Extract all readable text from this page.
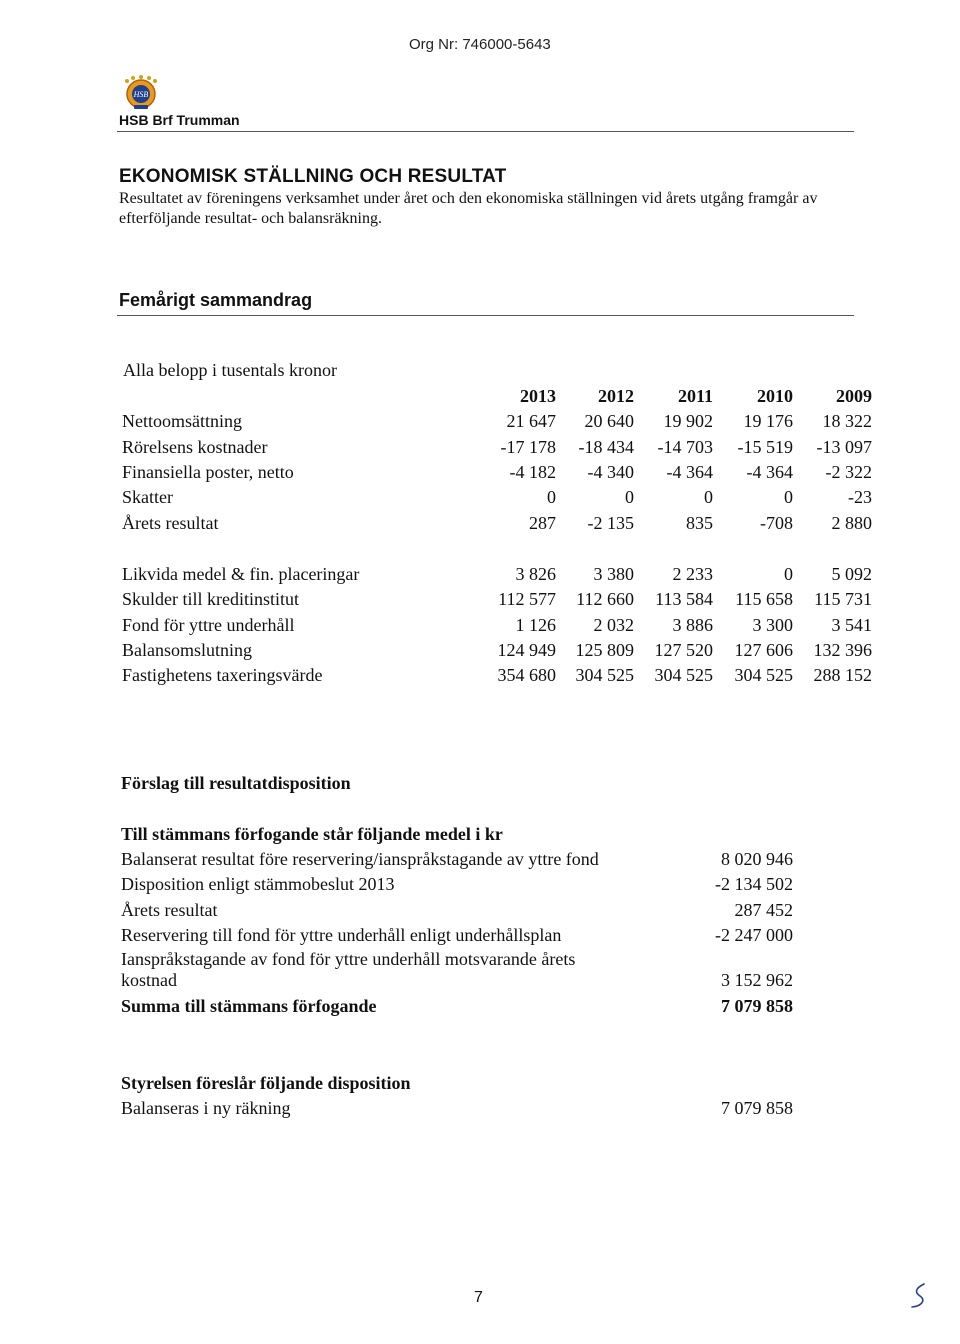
Org Nr: 746000-5643
HSB
HSB Brf Trumman
EKONOMISK STÄLLNING OCH RESULTAT
Resultatet av föreningens verksamhet under året och den ekonomiska ställningen vid årets utgång framgår av efterföljande resultat- och balansräkning.
Femårigt sammandrag
Alla belopp i tusentals kronor
2013	2012	2011	2010	2009
Nettoomsättning	21 647	20 640	19 902	19 176	18 322
Rörelsens kostnader	-17 178	-18 434	-14 703	-15 519	-13 097
Finansiella poster, netto	-4 182	-4 340	-4 364	-4 364	-2 322
Skatter	0	0	0	0	-23
Årets resultat	287	-2 135	835	-708	2 880
Likvida medel & fin. placeringar	3 826	3 380	2 233	0	5 092
Skulder till kreditinstitut	112 577	112 660	113 584	115 658	115 731
Fond för yttre underhåll	1 126	2 032	3 886	3 300	3 541
Balansomslutning	124 949	125 809	127 520	127 606	132 396
Fastighetens taxeringsvärde	354 680	304 525	304 525	304 525	288 152
Förslag till resultatdisposition
Till stämmans förfogande står följande medel i kr
Balanserat resultat före reservering/ianspråkstagande av yttre fond	8 020 946
Disposition enligt stämmobeslut 2013	-2 134 502
Årets resultat	287 452
Reservering till fond för yttre underhåll enligt underhållsplan	-2 247 000
Ianspråkstagande av fond för yttre underhåll motsvarande årets kostnad	3 152 962
Summa till stämmans förfogande	7 079 858
Styrelsen föreslår följande disposition
Balanseras i ny räkning	7 079 858
7
